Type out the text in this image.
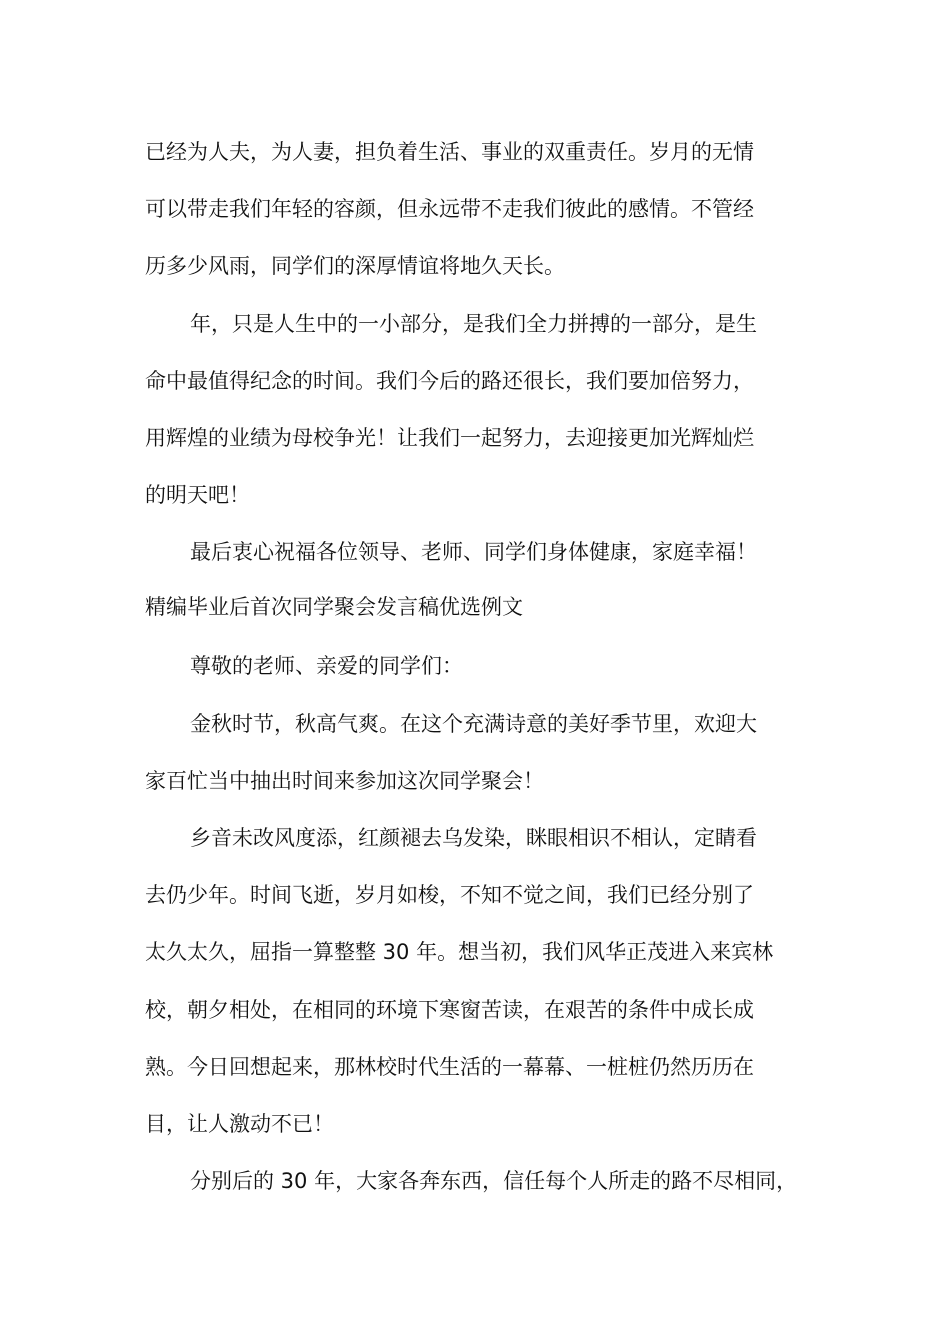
已经为人夫，为人妻，担负着生活、事业的双重责任。岁月的无情

可以带走我们年轻的容颜，但永远带不走我们彼此的感情。不管经

历多少风雨，同学们的深厚情谊将地久天长。

年，只是人生中的一小部分，是我们全力拼搏的一部分，是生

命中最值得纪念的时间。我们今后的路还很长，我们要加倍努力，

用辉煌的业绩为母校争光！让我们一起努力，去迎接更加光辉灿烂

的明天吧！

最后衷心祝福各位领导、老师、同学们身体健康，家庭幸福！

精编毕业后首次同学聚会发言稿优选例文

尊敬的老师、亲爱的同学们：

金秋时节，秋高气爽。在这个充满诗意的美好季节里，欢迎大

家百忙当中抽出时间来参加这次同学聚会！

乡音未改风度添，红颜褪去乌发染，眯眼相识不相认，定睛看

去仍少年。时间飞逝，岁月如梭，不知不觉之间，我们已经分别了

太久太久，屈指一算整整 30 年。想当初，我们风华正茂进入来宾林

校，朝夕相处，在相同的环境下寒窗苦读，在艰苦的条件中成长成

熟。今日回想起来，那林校时代生活的一幕幕、一桩桩仍然历历在

目，让人激动不已！

分别后的 30 年，大家各奔东西，信任每个人所走的路不尽相同，
